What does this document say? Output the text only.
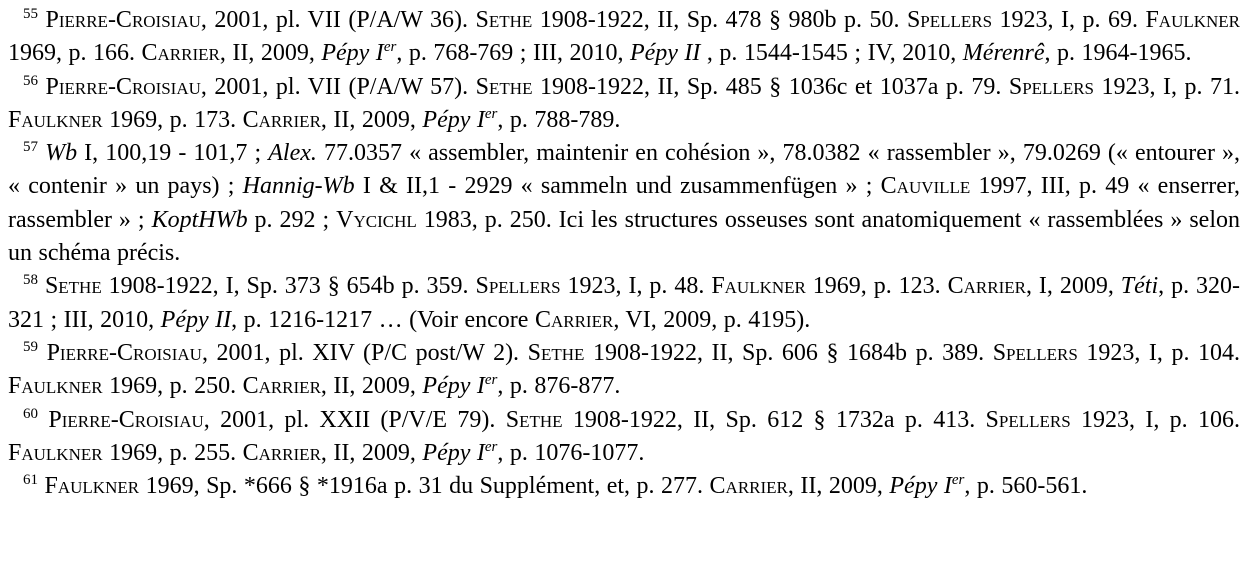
$^{55}$ Pierre-Croisiau, 2001, pl. VII (P/A/W 36). Sethe 1908-1922, II, Sp. 478 § 980b p. 50. Spellers 1923, I, p. 69. Faulkner 1969, p. 166. Carrier, II, 2009, Pépy Ier, p. 768-769 ; III, 2010, Pépy II , p. 1544-1545 ; IV, 2010, Mérenrê, p. 1964-1965.

$^{56}$ Pierre-Croisiau, 2001, pl. VII (P/A/W 57). Sethe 1908-1922, II, Sp. 485 § 1036c et 1037a p. 79. Spellers 1923, I, p. 71. Faulkner 1969, p. 173. Carrier, II, 2009, Pépy Ier, p. 788-789.

$^{57}$ Wb I, 100,19 - 101,7 ; Alex. 77.0357 « assembler, maintenir en cohésion », 78.0382 « rassembler », 79.0269 (« entourer », « contenir » un pays) ; Hannig-Wb I & II,1 - 2929 « sammeln und zusammenfügen » ; Cauville 1997, III, p. 49 « enserrer, rassembler » ; KoptHWb p. 292 ; Vycichl 1983, p. 250. Ici les structures osseuses sont anatomiquement « rassemblées » selon un schéma précis.

$^{58}$ Sethe 1908-1922, I, Sp. 373 § 654b p. 359. Spellers 1923, I, p. 48. Faulkner 1969, p. 123. Carrier, I, 2009, Téti, p. 320-321 ; III, 2010, Pépy II, p. 1216-1217 … (Voir encore Carrier, VI, 2009, p. 4195).

$^{59}$ Pierre-Croisiau, 2001, pl. XIV (P/C post/W 2). Sethe 1908-1922, II, Sp. 606 § 1684b p. 389. Spellers 1923, I, p. 104. Faulkner 1969, p. 250. Carrier, II, 2009, Pépy Ier, p. 876-877.

$^{60}$ Pierre-Croisiau, 2001, pl. XXII (P/V/E 79). Sethe 1908-1922, II, Sp. 612 § 1732a p. 413. Spellers 1923, I, p. 106. Faulkner 1969, p. 255. Carrier, II, 2009, Pépy Ier, p. 1076-1077.

$^{61}$ Faulkner 1969, Sp. *666 § *1916a p. 31 du Supplément, et, p. 277. Carrier, II, 2009, Pépy Ier, p. 560-561.
